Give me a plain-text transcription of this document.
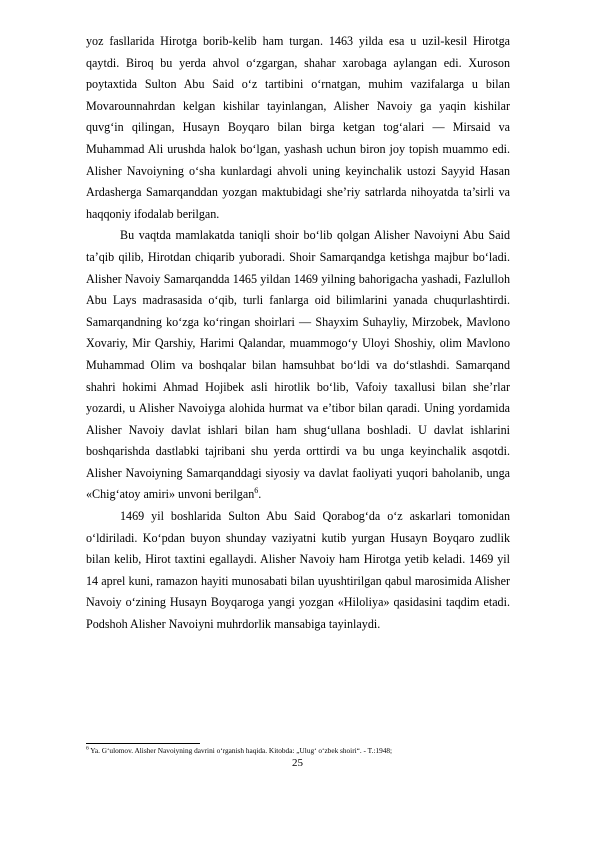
yoz fasllarida Hirotga borib-kelib ham turgan. 1463 yilda esa u uzil-kesil Hirotga qaytdi. Biroq bu yerda ahvol o‘zgargan, shahar xarobaga aylangan edi. Xuroson poytaxtida Sulton Abu Said o‘z tartibini o‘rnatgan, muhim vazifalarga u bilan Movarounnahrdan kelgan kishilar tayinlangan, Alisher Navoiy ga yaqin kishilar quvg‘in qilingan, Husayn Boyqaro bilan birga ketgan tog‘alari — Mirsaid va Muhammad Ali urushda halok bo‘lgan, yashash uchun biron joy topish muammo edi. Alisher Navoiyning o‘sha kunlardagi ahvoli uning keyinchalik ustozi Sayyid Hasan Ardasherga Samarqanddan yozgan maktubidagi she’riy satrlarda nihoyatda ta’sirli va haqqoniy ifodalab berilgan.

Bu vaqtda mamlakatda taniqli shoir bo‘lib qolgan Alisher Navoiyni Abu Said ta’qib qilib, Hirotdan chiqarib yuboradi. Shoir Samarqandga ketishga majbur bo‘ladi. Alisher Navoiy Samarqandda 1465 yildan 1469 yilning bahorigacha yashadi, Fazlulloh Abu Lays madrasasida o‘qib, turli fanlarga oid bilimlarini yanada chuqurlashtirdi. Samarqandning ko‘zga ko‘ringan shoirlari — Shayxim Suhayliy, Mirzobek, Mavlono Xovariy, Mir Qarshiy, Harimi Qalandar, muammogo‘y Uloyi Shoshiy, olim Mavlono Muhammad Olim va boshqalar bilan hamsuhbat bo‘ldi va do‘stlashdi. Samarqand shahri hokimi Ahmad Hojibek asli hirotlik bo‘lib, Vafoiy taxallusi bilan she’rlar yozardi, u Alisher Navoiyga alohida hurmat va e’tibor bilan qaradi. Uning yordamida Alisher Navoiy davlat ishlari bilan ham shug‘ullana boshladi. U davlat ishlarini boshqarishda dastlabki tajribani shu yerda orttirdi va bu unga keyinchalik asqotdi. Alisher Navoiyning Samarqanddagi siyosiy va davlat faoliyati yuqori baholanib, unga «Chig‘atoy amiri» unvoni berilgan$^6$.

1469 yil boshlarida Sulton Abu Said Qorabog‘da o‘z askarlari tomonidan o‘ldiriladi. Ko‘pdan buyon shunday vaziyatni kutib yurgan Husayn Boyqaro zudlik bilan kelib, Hirot taxtini egallaydi. Alisher Navoiy ham Hirotga yetib keladi. 1469 yil 14 aprel kuni, ramazon hayiti munosabati bilan uyushtirilgan qabul marosimida Alisher Navoiy o‘zining Husayn Boyqaroga yangi yozgan «Hiloliya» qasidasini taqdim etadi. Podshoh Alisher Navoiyni muhrdorlik mansabiga tayinlaydi.

$^6$ Ya. G‘ulomov. Alisher Navoiyning davrini o‘rganish haqida. Kitobda: „Ulug‘ o‘zbek shoiri“. - T.:1948;
25
